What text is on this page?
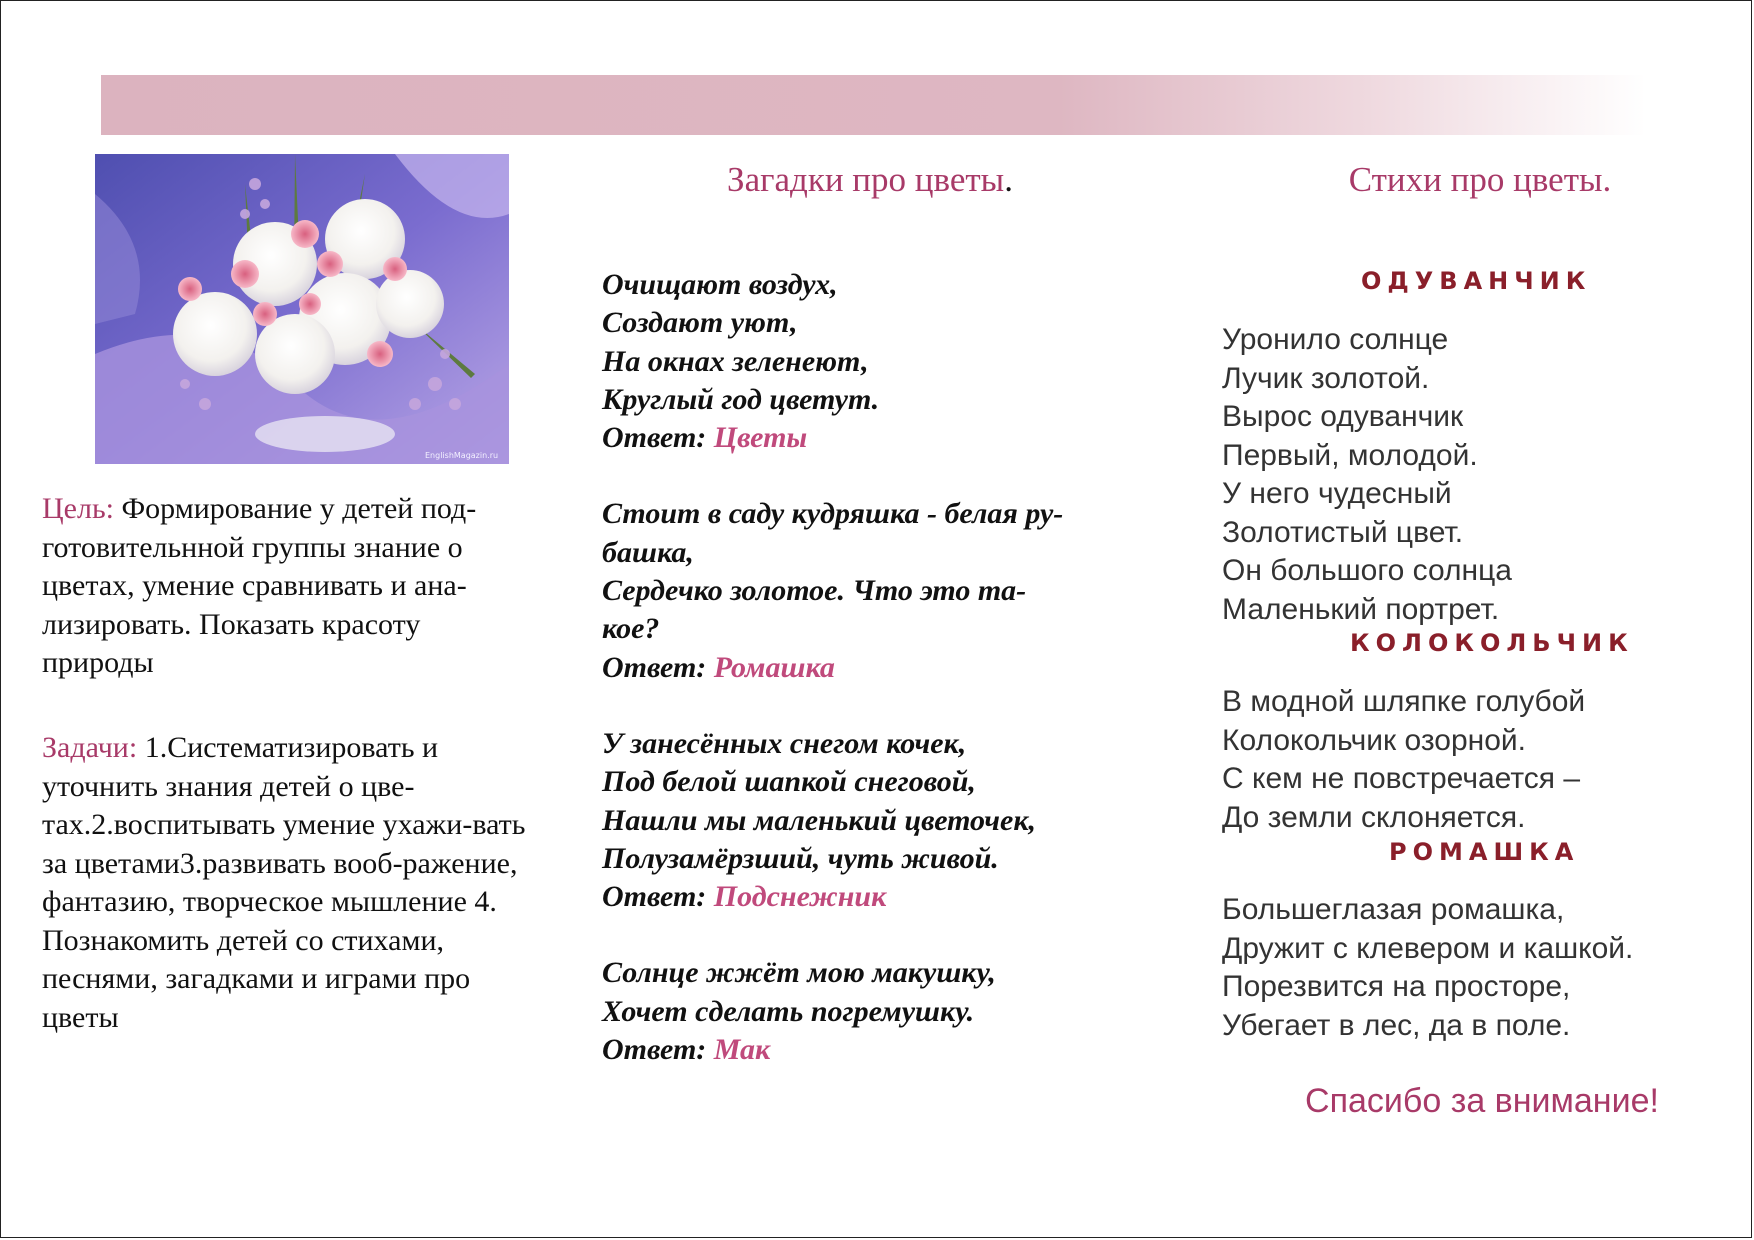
EnglishMagazin.ru
Цель: Формирование у детей под-готовительнной группы знание о цветах, умение сравнивать и ана-лизировать. Показать красоту природы
Задачи: 1.Систематизировать и уточнить знания детей о цве-тах.2.воспитывать умение ухажи-вать за цветами3.развивать вооб-ражение, фантазию, творческое мышление 4. Познакомить детей со стихами, песнями, загадками и играми про цветы
Загадки про цветы.
Очищают воздух,
Создают уют,
На окнах зеленеют,
Круглый год цветут.
Ответ: Цветы
Стоит в саду кудряшка - белая ру-
башка,
Сердечко золотое. Что это та-
кое?
Ответ: Ромашка
У занесённых снегом кочек,
Под белой шапкой снеговой,
Нашли мы маленький цветочек,
Полузамёрзший, чуть живой.
Ответ: Подснежник
Солнце жжёт мою макушку,
Хочет сделать погремушку.
Ответ: Мак
Стихи про цветы.
ОДУВАНЧИК
Уронило солнце
Лучик золотой.
Вырос одуванчик
Первый, молодой.
У него чудесный
Золотистый цвет.
Он большого солнца
Маленький портрет.
КОЛОКОЛЬЧИК
В модной шляпке голубой
Колокольчик озорной.
С кем не повстречается –
До земли склоняется.
РОМАШКА
Большеглазая ромашка,
Дружит с клевером и кашкой.
Порезвится на просторе,
Убегает в лес, да в поле.
Спасибо за внимание!
